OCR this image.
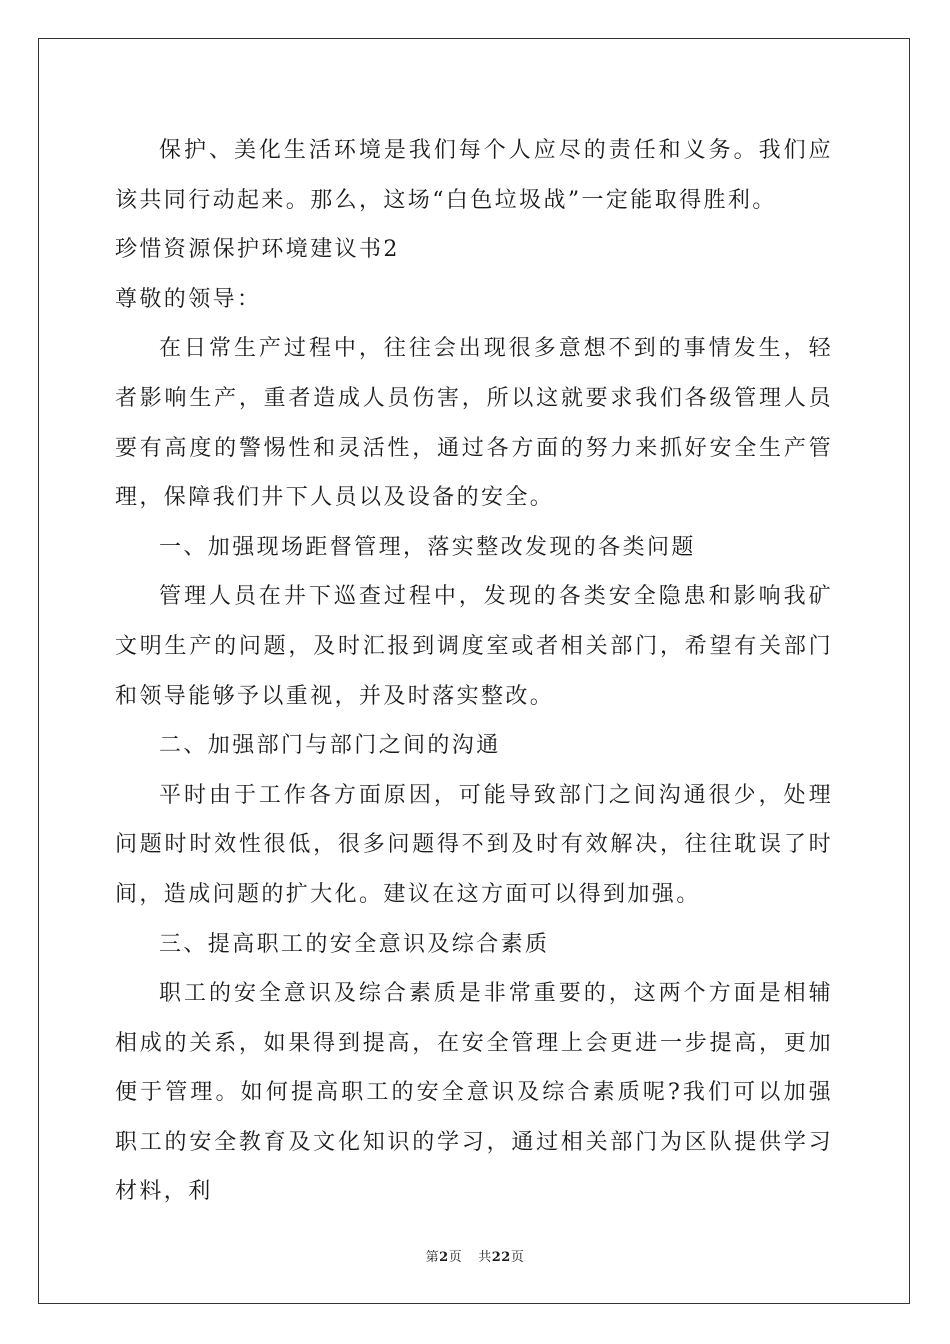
保护、美化生活环境是我们每个人应尽的责任和义务。我们应该共同行动起来。那么，这场“白色垃圾战”一定能取得胜利。

珍惜资源保护环境建议书2

尊敬的领导：

在日常生产过程中，往往会出现很多意想不到的事情发生，轻者影响生产，重者造成人员伤害，所以这就要求我们各级管理人员要有高度的警惕性和灵活性，通过各方面的努力来抓好安全生产管理，保障我们井下人员以及设备的安全。

一、加强现场距督管理，落实整改发现的各类问题

管理人员在井下巡查过程中，发现的各类安全隐患和影响我矿文明生产的问题，及时汇报到调度室或者相关部门，希望有关部门和领导能够予以重视，并及时落实整改。

二、加强部门与部门之间的沟通

平时由于工作各方面原因，可能导致部门之间沟通很少，处理问题时时效性很低，很多问题得不到及时有效解决，往往耽误了时间，造成问题的扩大化。建议在这方面可以得到加强。

三、提高职工的安全意识及综合素质

职工的安全意识及综合素质是非常重要的，这两个方面是相辅相成的关系，如果得到提高，在安全管理上会更进一步提高，更加便于管理。如何提高职工的安全意识及综合素质呢?我们可以加强职工的安全教育及文化知识的学习，通过相关部门为区队提供学习材料，利

第2页 共22页
